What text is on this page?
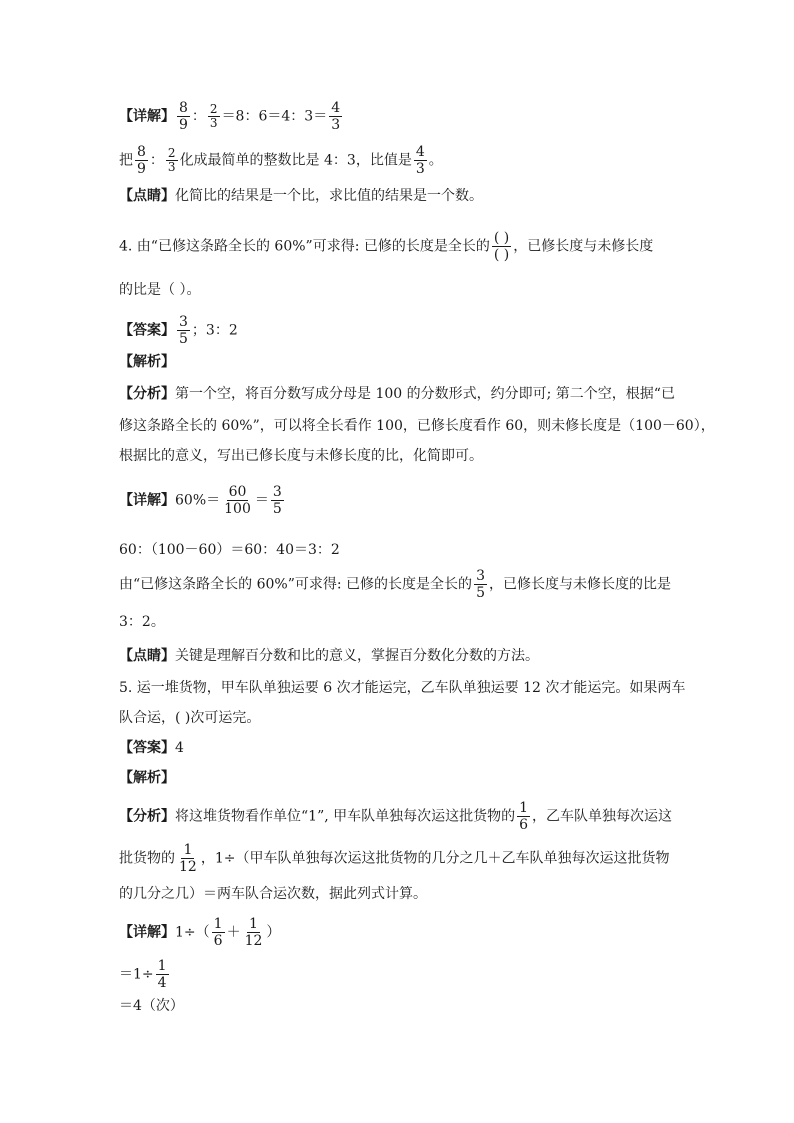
【详解】 $\frac{8}{9}$ ： $\frac{2}{3} =8$：6＝4：$3= \frac{4}{3}$
把 $\frac{8}{9}$ ： $\frac{2}{3}$ 化成最简单的整数比是 4：3，比值是 $\frac{4}{3}$ 。
【点睛】化简比的结果是一个比，求比值的结果是一个数。
4. 由“已修这条路全长的 60%”可求得: 已修的长度是全长的
( )
( )
，已修长度与未修长度
的比是（ ）。
【答案】 $\frac{3}{5}$ ；3：2
【解析】
【分析】第一个空，将百分数写成分母是 100 的分数形式，约分即可; 第二个空，根据“已
修这条路全长的 60%”，可以将全长看作 100，已修长度看作 60，则未修长度是（100－60），
根据比的意义，写出已修长度与未修长度的比，化简即可。
【详解】$60\%= \frac{60}{100} = \frac{3}{5}$
60：（100－60）＝60：40＝3：2
由“已修这条路全长的 60%”可求得: 已修的长度是全长的 $\frac{3}{5}$ ，已修长度与未修长度的比是
3：2。
【点睛】关键是理解百分数和比的意义，掌握百分数化分数的方法。
5. 运一堆货物，甲车队单独运要 6 次才能运完，乙车队单独运要 12 次才能运完。如果两车
队合运，( )次可运完。
【答案】4
【解析】
【分析】将这堆货物看作单位“1”, 甲车队单独每次运这批货物的 $\frac{1}{6}$ ，乙车队单独每次运这
批货物的 $\frac{1}{12}$ ，1÷（甲车队单独每次运这批货物的几分之几＋乙车队单独每次运这批货物
的几分之几）＝两车队合运次数，据此列式计算。
【详解】$1\div( \frac{1}{6} + \frac{1}{12}$ ）
$=1\div \frac{1}{4}$
＝4（次）
